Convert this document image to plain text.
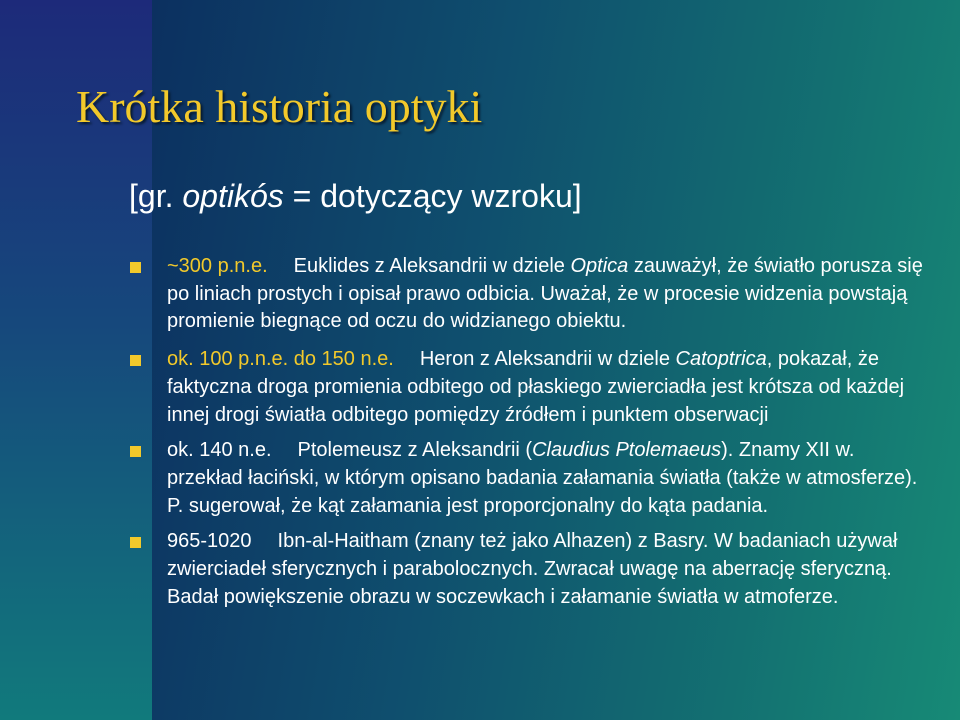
Krótka historia optyki
[gr. optikós = dotyczący wzroku]
~300 p.n.e. Euklides z Aleksandrii w dziele Optica zauważył, że światło porusza się po liniach prostych i opisał prawo odbicia. Uważał, że w procesie widzenia powstają promienie biegnące od oczu do widzianego obiektu.
ok. 100 p.n.e. do 150 n.e. Heron z Aleksandrii w dziele Catoptrica, pokazał, że faktyczna droga promienia odbitego od płaskiego zwierciadła jest krótsza od każdej innej drogi światła odbitego pomiędzy źródłem i punktem obserwacji
ok. 140 n.e. Ptolemeusz z Aleksandrii (Claudius Ptolemaeus). Znamy XII w. przekład łaciński, w którym opisano badania załamania światła (także w atmosferze). P. sugerował, że kąt załamania jest proporcjonalny do kąta padania.
965-1020 Ibn-al-Haitham (znany też jako Alhazen) z Basry. W badaniach używał zwierciadeł sferycznych i parabolocznych. Zwracał uwagę na aberrację sferyczną. Badał powiększenie obrazu w soczewkach i załamanie światła w atmoferze.
